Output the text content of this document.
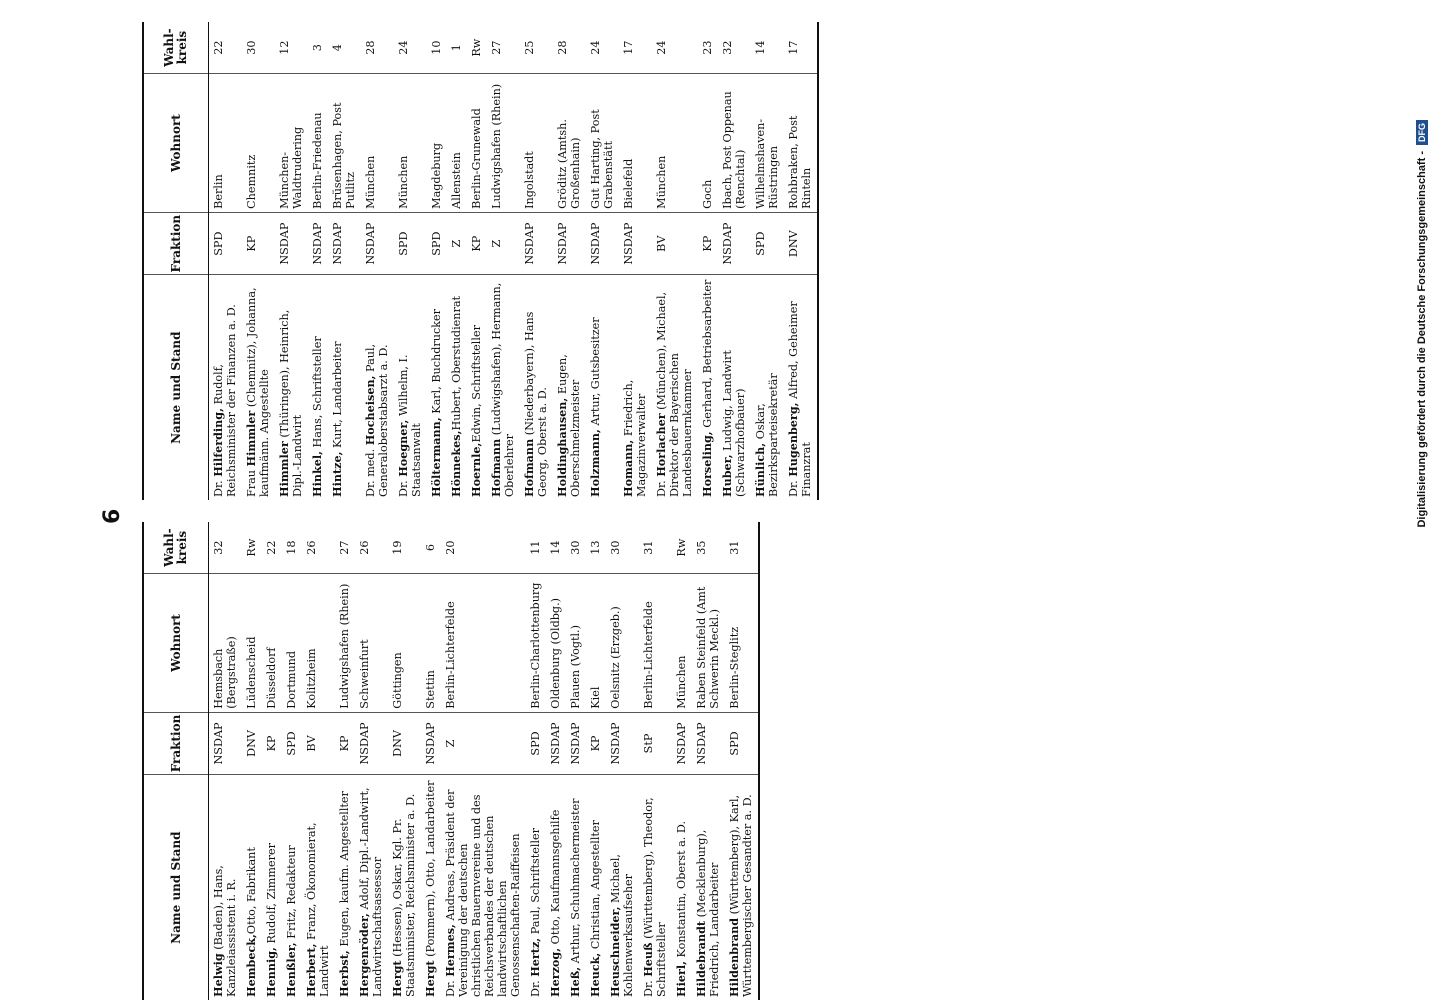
6
Name und Stand	Fraktion	Wohnort	Wahl-kreis
Helwig (Baden), Hans, Kanzleiassistent i. R.	NSDAP	Hemsbach (Bergstraße)	32
Hembeck,Otto, Fabrikant	DNV	Lüdenscheid	Rw
Hennig, Rudolf, Zimmerer	KP	Düsseldorf	22
Henßler, Fritz, Redakteur	SPD	Dortmund	18
Herbert, Franz, Ökonomierat, Landwirt	BV	Kolitzheim	26
Herbst, Eugen, kaufm. Angestellter	KP	Ludwigshafen (Rhein)	27
Hergenröder, Adolf, Dipl.-Landwirt, Landwirtschaftsassessor	NSDAP	Schweinfurt	26
Hergt (Hessen), Oskar, Kgl. Pr. Staatsminister, Reichsminister a. D.	DNV	Göttingen	19
Hergt (Pommern), Otto, Landarbeiter	NSDAP	Stettin	6
Dr. Hermes, Andreas, Präsident der Vereinigung der deutschen christlichen Bauernvereine und des Reichsverbandes der deutschen landwirtschaftlichen Genossenschaften-Raiffeisen	Z	Berlin-Lichterfelde	20
Dr. Hertz, Paul, Schriftsteller	SPD	Berlin-Charlottenburg	11
Herzog, Otto, Kaufmannsgehilfe	NSDAP	Oldenburg (Oldbg.)	14
Heß, Arthur, Schuhmachermeister	NSDAP	Plauen (Vogtl.)	30
Heuck, Christian, Angestellter	KP	Kiel	13
Heuschneider, Michael, Kohlenwerksaufseher	NSDAP	Oelsnitz (Erzgeb.)	30
Dr. Heuß (Württemberg), Theodor, Schriftsteller	StP	Berlin-Lichterfelde	31
Hierl, Konstantin, Oberst a. D.	NSDAP	München	Rw
Hildebrandt (Mecklenburg), Friedrich, Landarbeiter	NSDAP	Raben Steinfeld (Amt Schwerin Meckl.)	35
Hildenbrand (Württemberg), Karl, Württembergischer Gesandter a. D.	SPD	Berlin-Steglitz	31
Name und Stand	Fraktion	Wohnort	Wahl-kreis
Dr. Hilferding, Rudolf, Reichsminister der Finanzen a. D.	SPD	Berlin	22
Frau Himmler (Chemnitz), Johanna, kaufmänn. Angestellte	KP	Chemnitz	30
Himmler (Thüringen), Heinrich, Dipl.-Landwirt	NSDAP	München-Waldtrudering	12
Hinkel, Hans, Schriftsteller	NSDAP	Berlin-Friedenau	3
Hintze, Kurt, Landarbeiter	NSDAP	Brüsenhagen, Post Putlitz	4
Dr. med. Hocheisen, Paul, Generaloberstabsarzt a. D.	NSDAP	München	28
Dr. Hoegner, Wilhelm, I. Staatsanwalt	SPD	München	24
Höltermann, Karl, Buchdrucker	SPD	Magdeburg	10
Hönnekes,Hubert, Oberstudienrat	Z	Allenstein	1
Hoernle,Edwin, Schriftsteller	KP	Berlin-Grunewald	Rw
Hofmann (Ludwigshafen), Hermann, Oberlehrer	Z	Ludwigshafen (Rhein)	27
Hofmann (Niederbayern), Hans Georg, Oberst a. D.	NSDAP	Ingolstadt	25
Holdinghausen, Eugen, Oberschmelzmeister	NSDAP	Gröditz (Amtsh. Großenhain)	28
Holzmann, Artur, Gutsbesitzer	NSDAP	Gut Harting, Post Grabenstätt	24
Homann, Friedrich, Magazinverwalter	NSDAP	Bielefeld	17
Dr. Horlacher (München), Michael, Direktor der Bayerischen Landesbauernkammer	BV	München	24
Horseling, Gerhard, Betriebsarbeiter	KP	Goch	23
Huber, Ludwig, Landwirt (Schwarzhofbauer)	NSDAP	Ibach, Post Oppenau (Renchtal)	32
Hünlich, Oskar, Bezirksparteisekretär	SPD	Wilhelmshaven-Rüstringen	14
Dr. Hugenberg, Alfred, Geheimer Finanzrat	DNV	Rohbraken, Post Rinteln	17
Digitalisierung gefördert durch die Deutsche Forschungsgemeinschaft -
DFG
